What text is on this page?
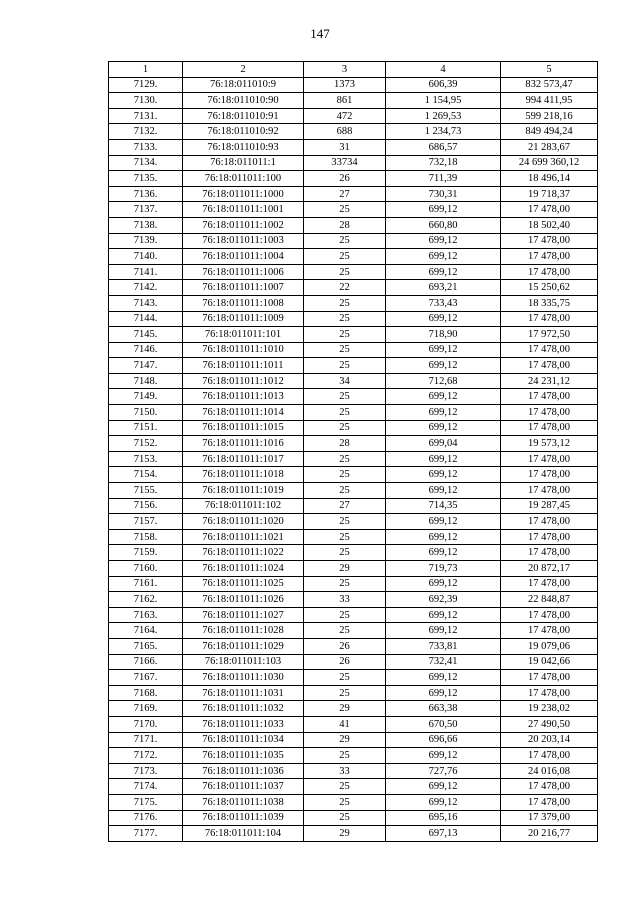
147
1	2	3	4	5
7129.	76:18:011010:9	1373	606,39	832 573,47
7130.	76:18:011010:90	861	1 154,95	994 411,95
7131.	76:18:011010:91	472	1 269,53	599 218,16
7132.	76:18:011010:92	688	1 234,73	849 494,24
7133.	76:18:011010:93	31	686,57	21 283,67
7134.	76:18:011011:1	33734	732,18	24 699 360,12
7135.	76:18:011011:100	26	711,39	18 496,14
7136.	76:18:011011:1000	27	730,31	19 718,37
7137.	76:18:011011:1001	25	699,12	17 478,00
7138.	76:18:011011:1002	28	660,80	18 502,40
7139.	76:18:011011:1003	25	699,12	17 478,00
7140.	76:18:011011:1004	25	699,12	17 478,00
7141.	76:18:011011:1006	25	699,12	17 478,00
7142.	76:18:011011:1007	22	693,21	15 250,62
7143.	76:18:011011:1008	25	733,43	18 335,75
7144.	76:18:011011:1009	25	699,12	17 478,00
7145.	76:18:011011:101	25	718,90	17 972,50
7146.	76:18:011011:1010	25	699,12	17 478,00
7147.	76:18:011011:1011	25	699,12	17 478,00
7148.	76:18:011011:1012	34	712,68	24 231,12
7149.	76:18:011011:1013	25	699,12	17 478,00
7150.	76:18:011011:1014	25	699,12	17 478,00
7151.	76:18:011011:1015	25	699,12	17 478,00
7152.	76:18:011011:1016	28	699,04	19 573,12
7153.	76:18:011011:1017	25	699,12	17 478,00
7154.	76:18:011011:1018	25	699,12	17 478,00
7155.	76:18:011011:1019	25	699,12	17 478,00
7156.	76:18:011011:102	27	714,35	19 287,45
7157.	76:18:011011:1020	25	699,12	17 478,00
7158.	76:18:011011:1021	25	699,12	17 478,00
7159.	76:18:011011:1022	25	699,12	17 478,00
7160.	76:18:011011:1024	29	719,73	20 872,17
7161.	76:18:011011:1025	25	699,12	17 478,00
7162.	76:18:011011:1026	33	692,39	22 848,87
7163.	76:18:011011:1027	25	699,12	17 478,00
7164.	76:18:011011:1028	25	699,12	17 478,00
7165.	76:18:011011:1029	26	733,81	19 079,06
7166.	76:18:011011:103	26	732,41	19 042,66
7167.	76:18:011011:1030	25	699,12	17 478,00
7168.	76:18:011011:1031	25	699,12	17 478,00
7169.	76:18:011011:1032	29	663,38	19 238,02
7170.	76:18:011011:1033	41	670,50	27 490,50
7171.	76:18:011011:1034	29	696,66	20 203,14
7172.	76:18:011011:1035	25	699,12	17 478,00
7173.	76:18:011011:1036	33	727,76	24 016,08
7174.	76:18:011011:1037	25	699,12	17 478,00
7175.	76:18:011011:1038	25	699,12	17 478,00
7176.	76:18:011011:1039	25	695,16	17 379,00
7177.	76:18:011011:104	29	697,13	20 216,77
